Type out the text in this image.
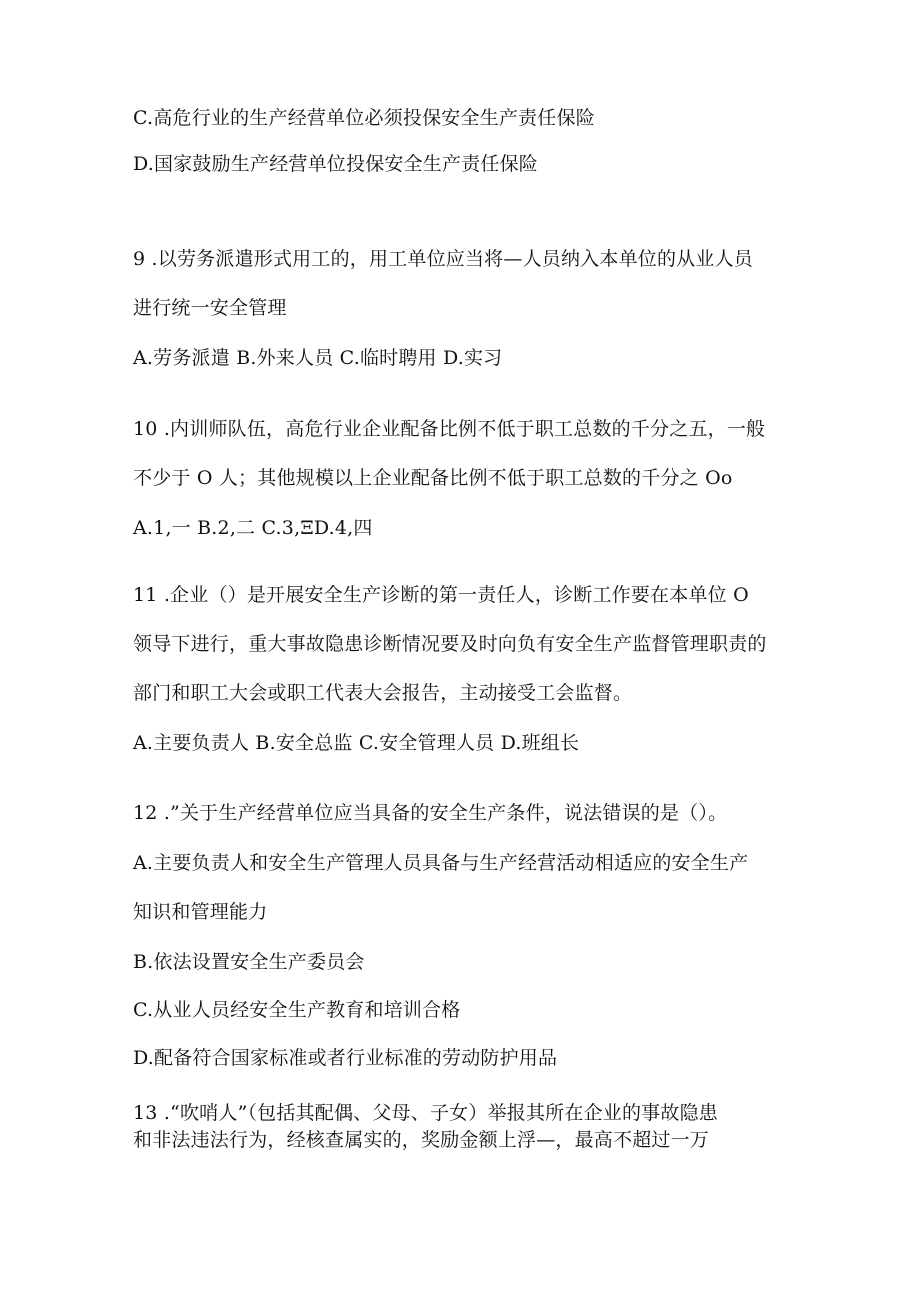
C.高危行业的生产经营单位必须投保安全生产责任保险
D.国家鼓励生产经营单位投保安全生产责任保险
9 .以劳务派遣形式用工的，用工单位应当将—人员纳入本单位的从业人员
进行统一安全管理
A.劳务派遣 B.外来人员 C.临时聘用 D.实习
10 .内训师队伍，高危行业企业配备比例不低于职工总数的千分之五，一般
不少于 O 人；其他规模以上企业配备比例不低于职工总数的千分之 Oo
A.1,一 B.2,二 C.3,ΞD.4,四
11 .企业（）是开展安全生产诊断的第一责任人，诊断工作要在本单位 O
领导下进行，重大事故隐患诊断情况要及时向负有安全生产监督管理职责的
部门和职工大会或职工代表大会报告，主动接受工会监督。
A.主要负责人 B.安全总监 C.安全管理人员 D.班组长
12 .”关于生产经营单位应当具备的安全生产条件，说法错误的是（）。
A.主要负责人和安全生产管理人员具备与生产经营活动相适应的安全生产
知识和管理能力
B.依法设置安全生产委员会
C.从业人员经安全生产教育和培训合格
D.配备符合国家标准或者行业标准的劳动防护用品
13 .“吹哨人”（包括其配偶、父母、子女）举报其所在企业的事故隐患
和非法违法行为，经核查属实的，奖励金额上浮—，最高不超过一万
